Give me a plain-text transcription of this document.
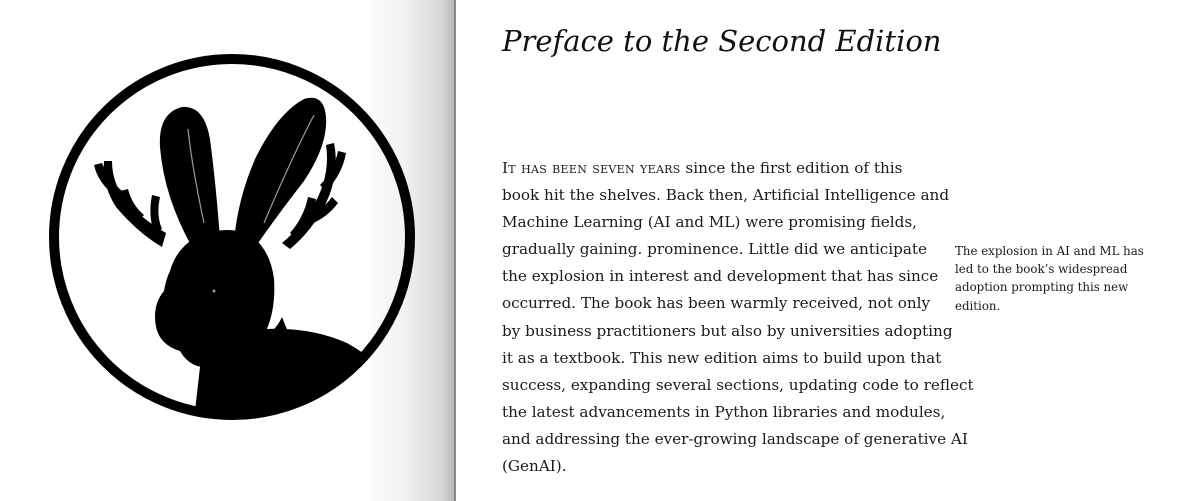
Preface to the Second Edition
It has been seven years since the first edition of this
book hit the shelves. Back then, Artificial Intelligence and
Machine Learning (AI and ML) were promising fields,
gradually gaining. prominence. Little did we anticipate
the explosion in interest and development that has since
occurred. The book has been warmly received, not only
by business practitioners but also by universities adopting
it as a textbook. This new edition aims to build upon that
success, expanding several sections, updating code to reflect
the latest advancements in Python libraries and modules,
and addressing the ever-growing landscape of generative AI
(GenAI).
The explosion in AI and ML has
led to the book’s widespread
adoption prompting this new
edition.
